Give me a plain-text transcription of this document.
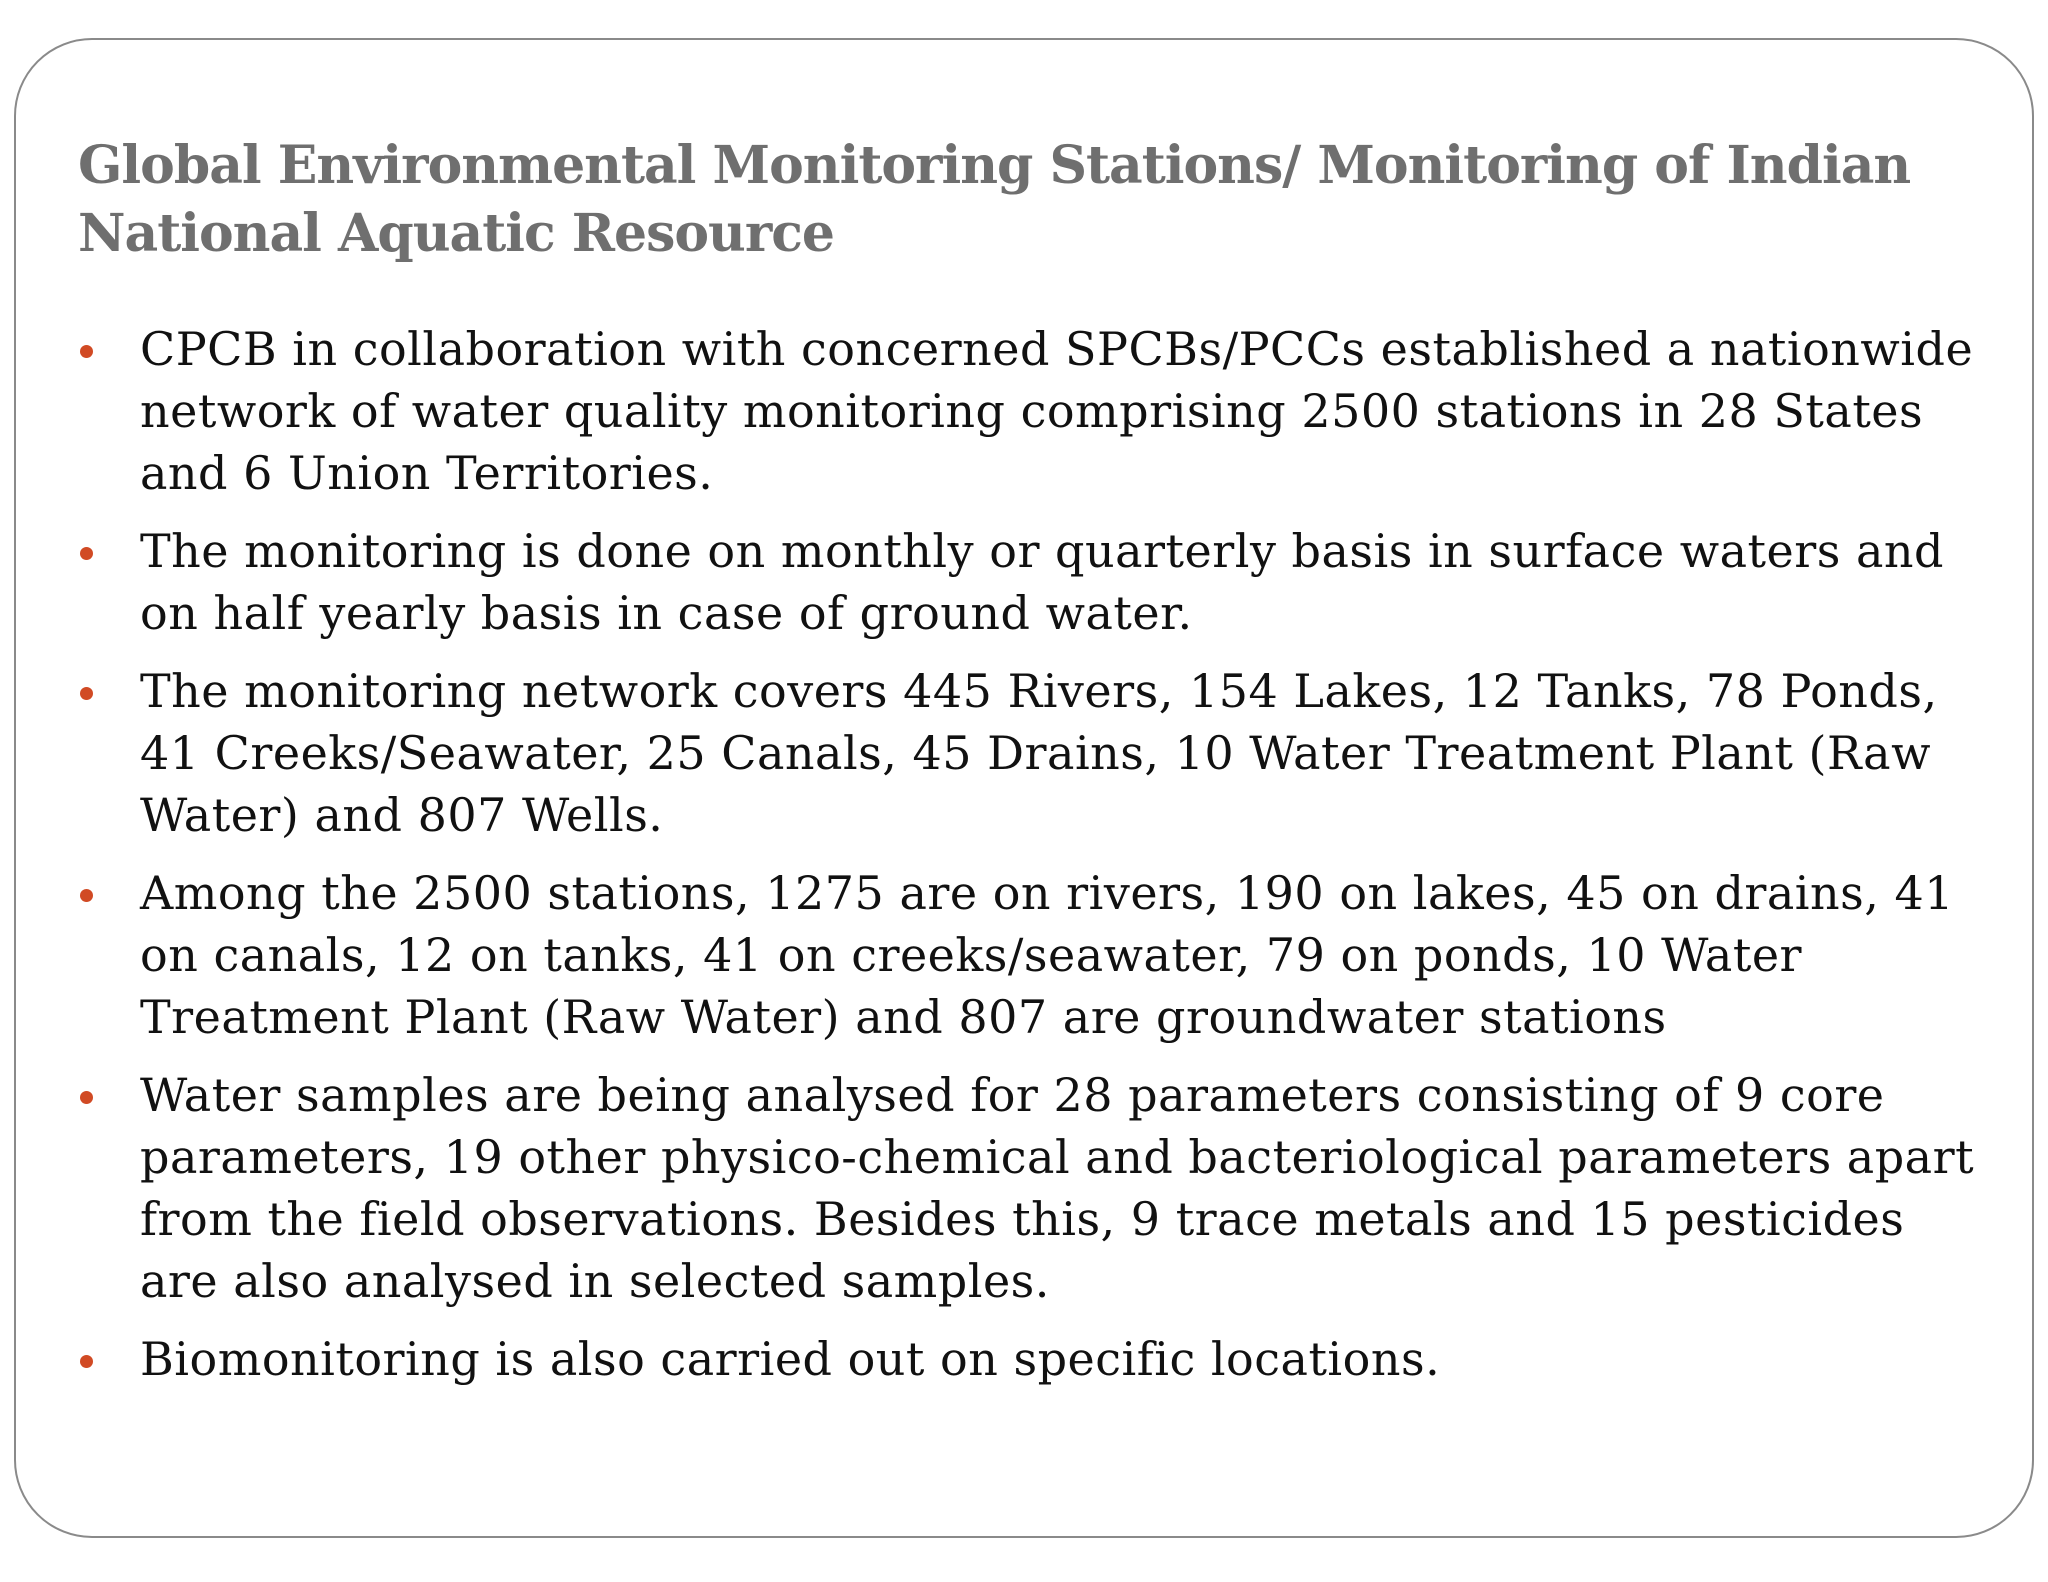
Global Environmental Monitoring Stations/ Monitoring of Indian National Aquatic Resource
CPCB in collaboration with concerned SPCBs/PCCs established a nationwide network of water quality monitoring comprising 2500 stations in 28 States and 6 Union Territories.
The monitoring is done on monthly or quarterly basis in surface waters and on half yearly basis in case of ground water.
The monitoring network covers 445 Rivers, 154 Lakes, 12 Tanks, 78 Ponds, 41 Creeks/Seawater, 25 Canals, 45 Drains, 10 Water Treatment Plant (Raw Water) and 807 Wells.
Among the 2500 stations, 1275 are on rivers, 190 on lakes, 45 on drains, 41 on canals, 12 on tanks, 41 on creeks/seawater, 79 on ponds, 10 Water Treatment Plant (Raw Water) and 807 are groundwater stations
Water samples are being analysed for 28 parameters consisting of 9 core parameters, 19 other physico-chemical and bacteriological parameters apart from the field observations. Besides this, 9 trace metals and 15 pesticides are also analysed in selected samples.
Biomonitoring is also carried out on specific locations.
